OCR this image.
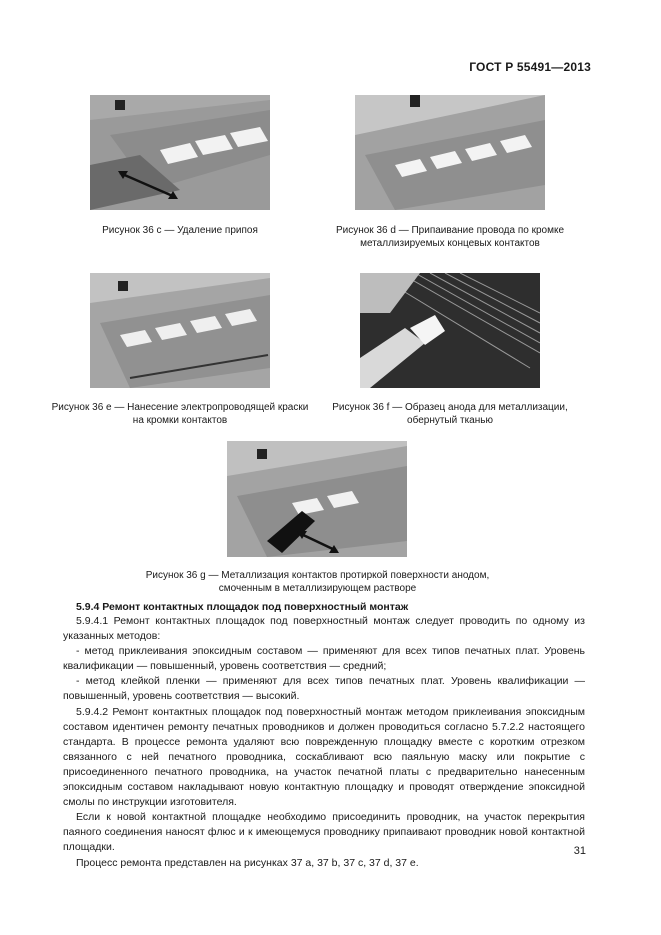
ГОСТ Р 55491—2013
Рисунок 36 с — Удаление припоя	Рисунок 36 d — Припаивание провода по кромке
металлизируемых концевых контактов
Рисунок 36 е — Нанесение электропроводящей краски
на кромки контактов
Рисунок 36 f — Образец анода для металлизации,
обернутый тканью
Рисунок 36 g — Металлизация контактов протиркой поверхности анодом,
смоченным в металлизирующем растворе
5.9.4 Ремонт контактных площадок под поверхностный монтаж

5.9.4.1 Ремонт контактных площадок под поверхностный монтаж следует проводить по одному из указанных методов:

- метод приклеивания эпоксидным составом — применяют для всех типов печатных плат. Уровень квалификации — повышенный, уровень соответствия — средний;

- метод клейкой пленки — применяют для всех типов печатных плат. Уровень квалификации — повышенный, уровень соответствия — высокий.

5.9.4.2 Ремонт контактных площадок под поверхностный монтаж методом приклеивания эпоксидным составом идентичен ремонту печатных проводников и должен проводиться согласно 5.7.2.2 настоящего стандарта. В процессе ремонта удаляют всю поврежденную площадку вместе с коротким отрезком связанного с ней печатного проводника, соскабливают всю паяльную маску или покрытие с присоединенного печатного проводника, на участок печатной платы с предварительно нанесенным эпоксидным составом накладывают новую контактную площадку и проводят отверждение эпоксидной смолы по инструкции изготовителя.

Если к новой контактной площадке необходимо присоединить проводник, на участок перекрытия паяного соединения наносят флюс и к имеющемуся проводнику припаивают проводник новой контактной площадки.

Процесс ремонта представлен на рисунках 37 а, 37 b, 37 с, 37 d, 37 е.

31
